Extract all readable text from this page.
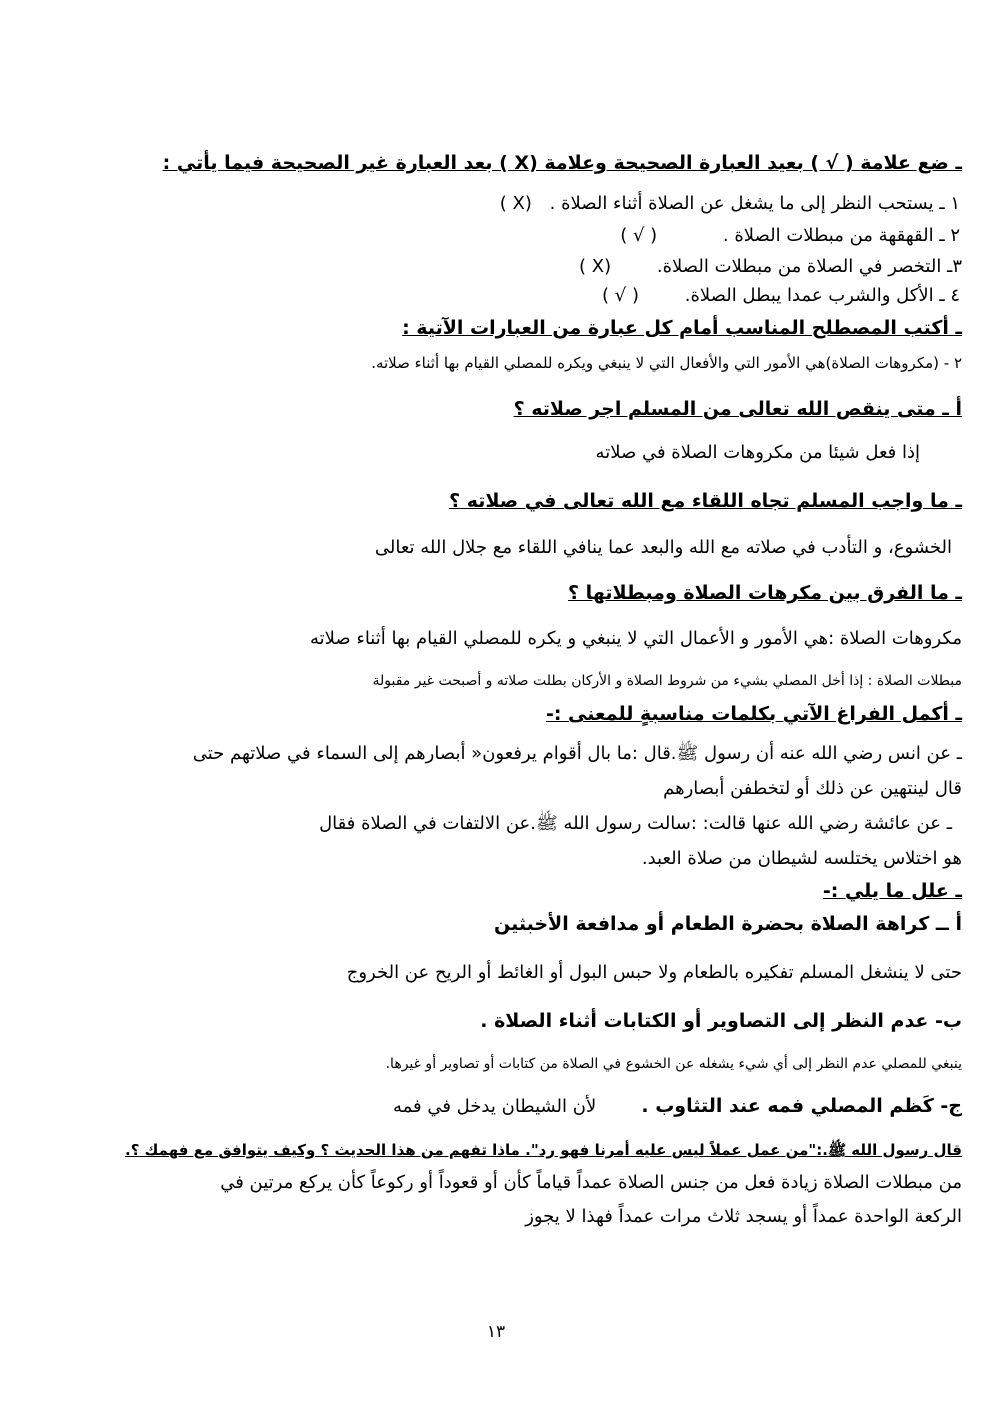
ـ ضع علامة ( √ ) بعيد العبارة الصحيحة وعلامة (X ) بعد العبارة غير الصحيحة فيما يأتي :
١ ـ يستحب النظر إلى ما يشغل عن الصلاة أثناء الصلاة . (X )
٢ ـ القهقهة من مبطلات الصلاة . ( √ )
٣ـ التخصر في الصلاة من مبطلات الصلاة. (X )
٤ ـ الأكل والشرب عمدا يبطل الصلاة. ( √ )
ـ أكتب المصطلح المناسب أمام كل عبارة من العبارات الآتية :
٢ - (مكروهات الصلاة)هي الأمور التي والأفعال التي لا ينبغي ويكره للمصلي القيام بها أثناء صلاته.
أ ـ متى ينقص الله تعالى من المسلم اجر صلاته ؟
إذا فعل شيئا من مكروهات الصلاة في صلاته
ـ ما واجب المسلم تجاه اللقاء مع الله تعالى في صلاته ؟
الخشوع، و التأدب في صلاته مع الله والبعد عما ينافي اللقاء مع جلال الله تعالى
ـ ما الفرق بين مكرهات الصلاة ومبطلاتها ؟
مكروهات الصلاة :هي الأمور و الأعمال التي لا ينبغي و يكره للمصلي القيام بها أثناء صلاته
مبطلات الصلاة : إذا أخل المصلي بشيء من شروط الصلاة و الأركان بطلت صلاته و أصبحت غير مقبولة
ـ أكمل الفراغ الآتي بكلمات مناسبةٍ للمعنى :-
ـ عن انس رضي الله عنه أن رسول ﷺ.قال :ما بال أقوام يرفعون« أبصارهم إلى السماء في صلاتهم حتى
قال لينتهين عن ذلك أو لتخطفن أبصارهم
ـ عن عائشة رضي الله عنها قالت: :سالت رسول الله ﷺ.عن الالتفات في الصلاة فقال
هو اختلاس يختلسه لشيطان من صلاة العبد.
ـ علل ما يلي :-
أ ــ كراهة الصلاة بحضرة الطعام أو مدافعة الأخبثين
حتى لا ينشغل المسلم تفكيره بالطعام ولا حبس البول أو الغائط أو الريح عن الخروج
ب- عدم النظر إلى التصاوير أو الكتابات أثناء الصلاة .
ينبغي للمصلي عدم النظر إلى أي شيء يشغله عن الخشوع في الصلاة من كتابات أو تصاوير أو غيرها.
ج- كَظم المصلي فمه عند التثاوب . لأن الشيطان يدخل في فمه
قال رسول الله ﷺ.:"من عمل عملاً ليس عليه أمرنا فهو رد". ماذا تفهم من هذا الحديث ؟ وكيف يتوافق مع فهمك ؟.
من مبطلات الصلاة زيادة فعل من جنس الصلاة عمداً قياماً كأن أو قعوداً أو ركوعاً كأن يركع مرتين في
الركعة الواحدة عمداً أو يسجد ثلاث مرات عمداً فهذا لا يجوز
١٣
